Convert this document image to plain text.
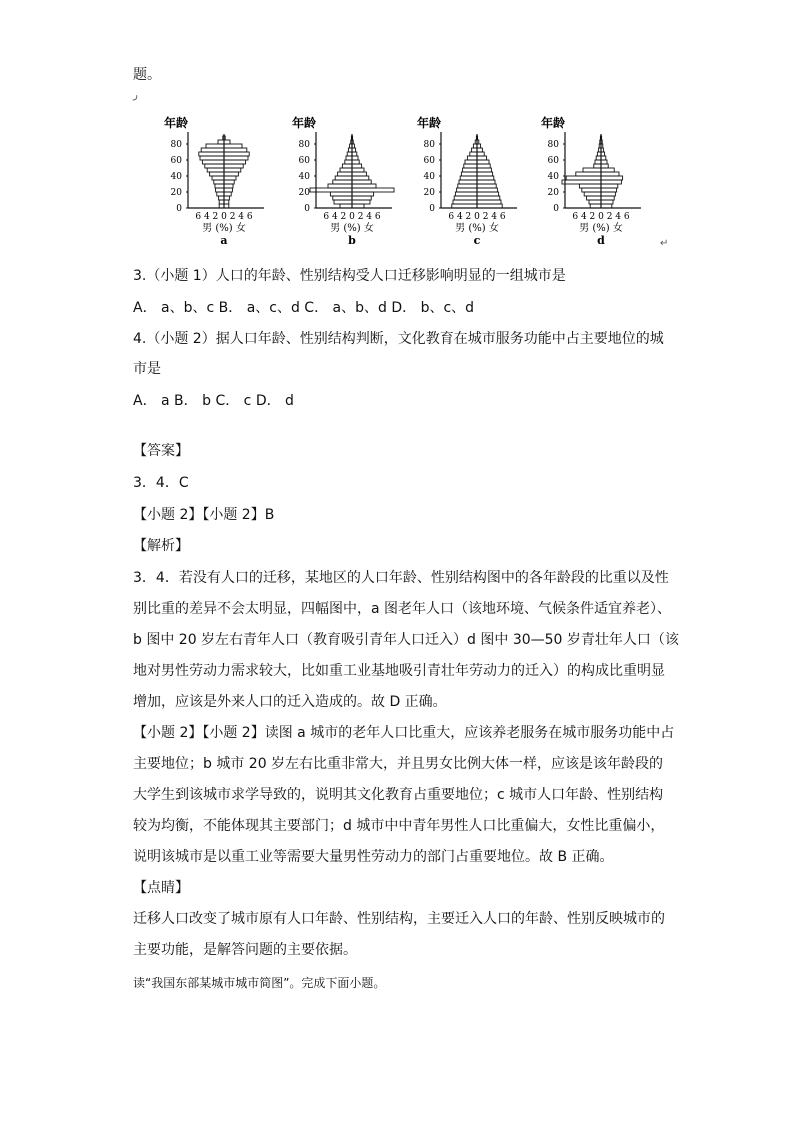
题。
ر
年龄
80
60
40
20
0
6 4 2 0 2 4 6
男 (%) 女
a
年龄
80
60
40
20
0
6 4 2 0 2 4 6
男 (%) 女
b
年龄
80
60
40
20
0
6 4 2 0 2 4 6
男 (%) 女
c
年龄
80
60
40
20
0
6 4 2 0 2 4 6
男 (%) 女
d	↵
3.（小题 1）人口的年龄、性别结构受人口迁移影响明显的一组城市是
A． a、b、c B． a、c、d C． a、b、d D． b、c、d
4.（小题 2）据人口年龄、性别结构判断，文化教育在城市服务功能中占主要地位的城
市是
A． a B． b C． c D． d
【答案】
3．4．C
【小题 2】【小题 2】B
【解析】
3．4．若没有人口的迁移，某地区的人口年龄、性别结构图中的各年龄段的比重以及性
别比重的差异不会太明显，四幅图中，a 图老年人口（该地环境、气候条件适宜养老）、
b 图中 20 岁左右青年人口（教育吸引青年人口迁入）d 图中 30—50 岁青壮年人口（该
地对男性劳动力需求较大，比如重工业基地吸引青壮年劳动力的迁入）的构成比重明显
增加，应该是外来人口的迁入造成的。故 D 正确。
【小题 2】【小题 2】读图 a 城市的老年人口比重大，应该养老服务在城市服务功能中占
主要地位；b 城市 20 岁左右比重非常大，并且男女比例大体一样，应该是该年龄段的
大学生到该城市求学导致的，说明其文化教育占重要地位；c 城市人口年龄、性别结构
较为均衡，不能体现其主要部门；d 城市中中青年男性人口比重偏大，女性比重偏小，
说明该城市是以重工业等需要大量男性劳动力的部门占重要地位。故 B 正确。
【点睛】
迁移人口改变了城市原有人口年龄、性别结构，主要迁入人口的年龄、性别反映城市的
主要功能，是解答问题的主要依据。
读“我国东部某城市城市简图”。完成下面小题。
